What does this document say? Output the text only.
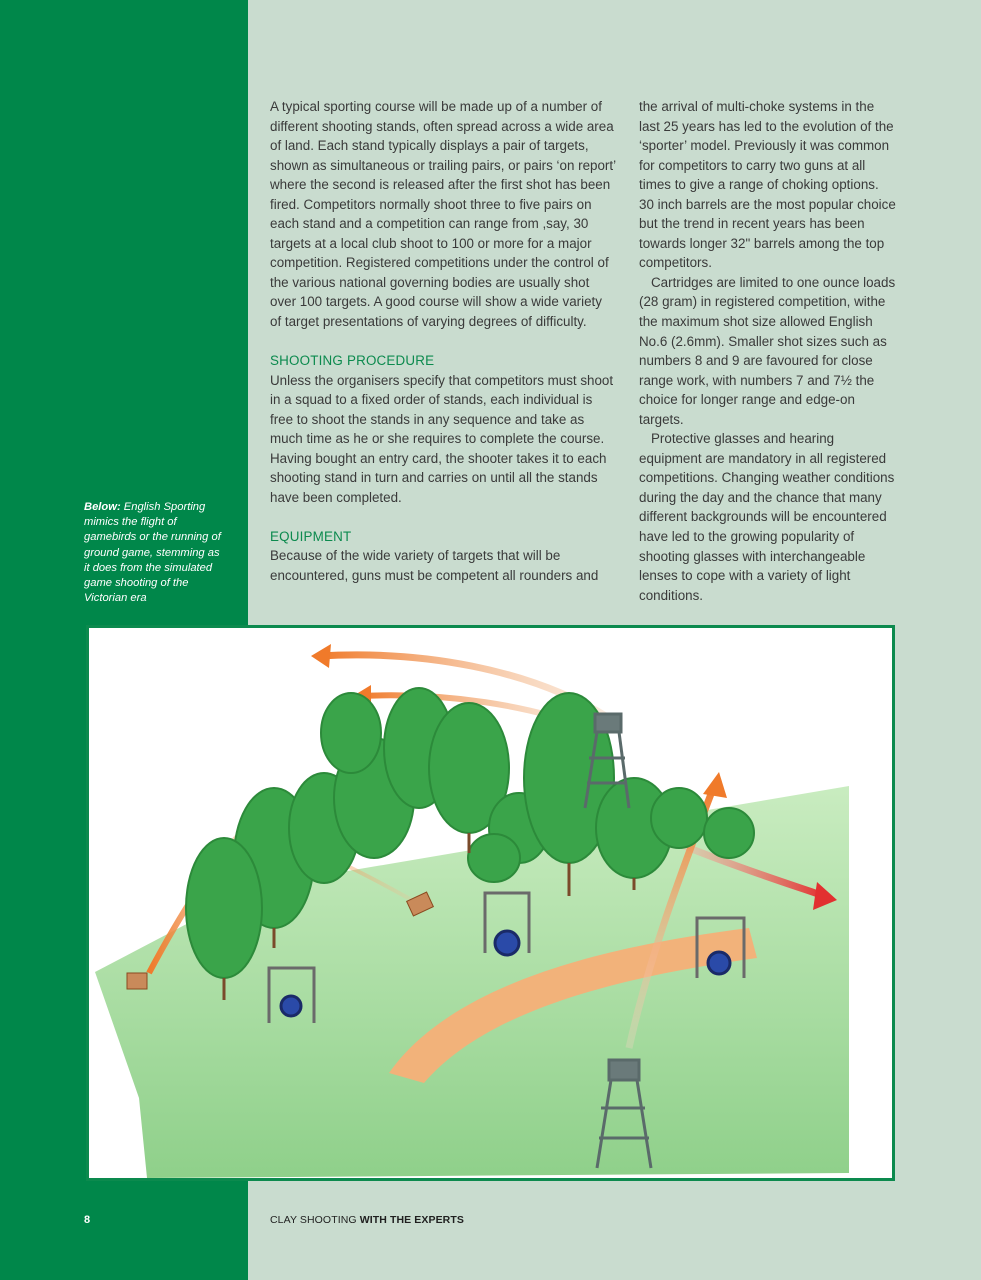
Below: English Sporting mimics the flight of gamebirds or the running of ground game, stemming as it does from the simulated game shooting of the Victorian era

A typical sporting course will be made up of a number of different shooting stands, often spread across a wide area of land. Each stand typically displays a pair of targets, shown as simultaneous or trailing pairs, or pairs ‘on report’ where the second is released after the first shot has been fired. Competitors normally shoot three to five pairs on each stand and a competition can range from ,say, 30 targets at a local club shoot to 100 or more for a major competition. Registered competitions under the control of the various national governing bodies are usually shot over 100 targets. A good course will show a wide variety of target presentations of varying degrees of difficulty.

SHOOTING PROCEDURE

Unless the organisers specify that competitors must shoot in a squad to a fixed order of stands, each individual is free to shoot the stands in any sequence and take as much time as he or she requires to complete the course. Having bought an entry card, the shooter takes it to each shooting stand in turn and carries on until all the stands have been completed.

EQUIPMENT

Because of the wide variety of targets that will be encountered, guns must be competent all rounders and

the arrival of multi-choke systems in the last 25 years has led to the evolution of the ‘sporter’ model. Previously it was common for competitors to carry two guns at all times to give a range of choking options. 30 inch barrels are the most popular choice but the trend in recent years has been towards longer 32" barrels among the top competitors.

Cartridges are limited to one ounce loads (28 gram) in registered competition, withe the maximum shot size allowed English No.6 (2.6mm). Smaller shot sizes such as numbers 8 and 9 are favoured for close range work, with numbers 7 and 7½ the choice for longer range and edge-on targets.

Protective glasses and hearing equipment are mandatory in all registered competitions. Changing weather conditions during the day and the chance that many different backgrounds will be encountered have led to the growing popularity of shooting glasses with interchangeable lenses to cope with a variety of light conditions.

8	CLAY SHOOTING WITH THE EXPERTS
